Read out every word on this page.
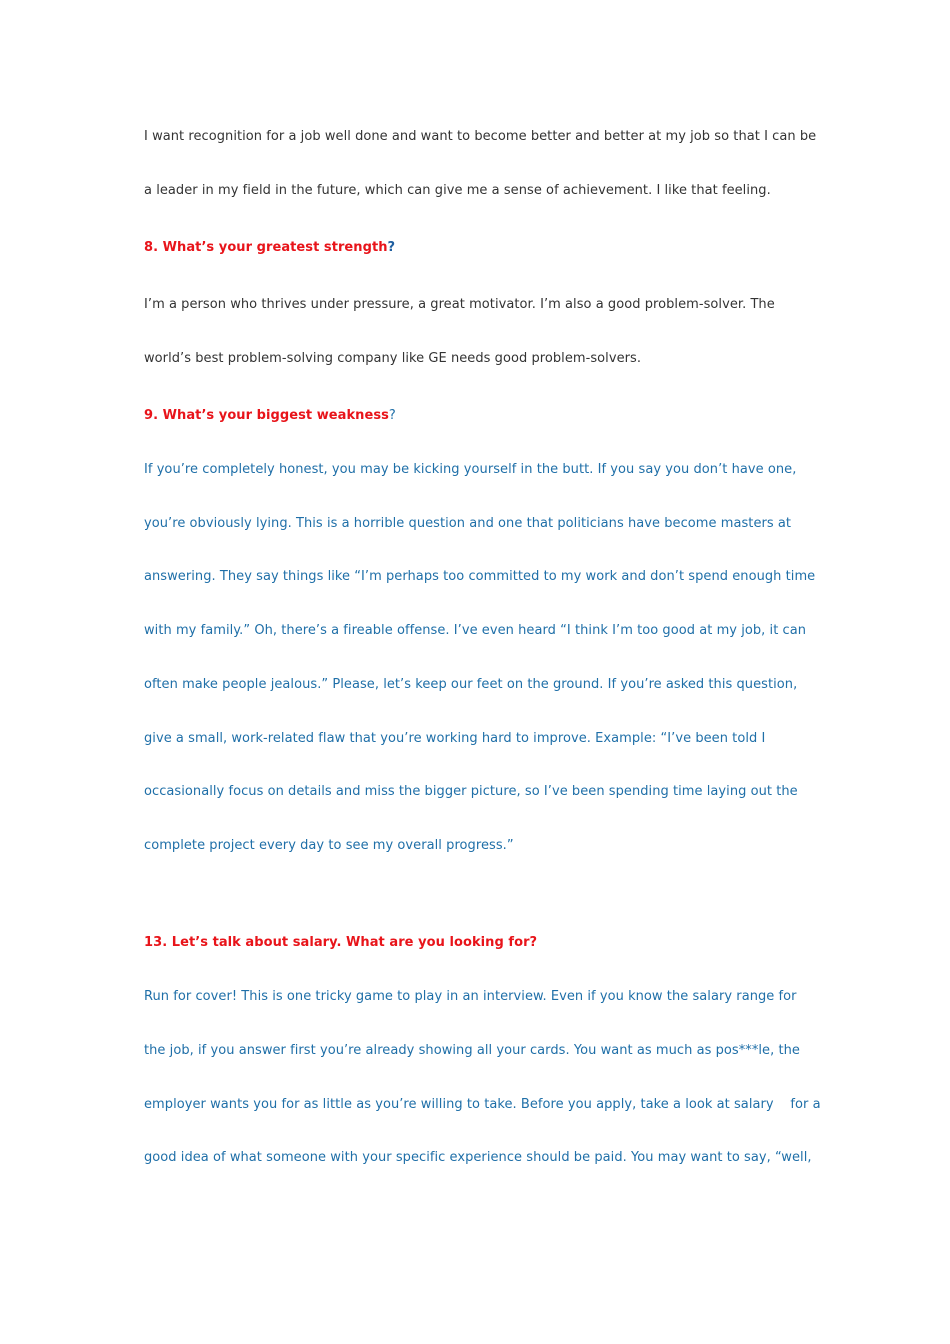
I want recognition for a job well done and want to become better and better at my job so that I can be
a leader in my field in the future, which can give me a sense of achievement. I like that feeling.
8. What’s your greatest strength?
I’m a person who thrives under pressure, a great motivator. I’m also a good problem-solver. The
world’s best problem-solving company like GE needs good problem-solvers.
9. What’s your biggest weakness?
If you’re completely honest, you may be kicking yourself in the butt. If you say you don’t have one,
you’re obviously lying. This is a horrible question and one that politicians have become masters at
answering. They say things like “I’m perhaps too committed to my work and don’t spend enough time
with my family.” Oh, there’s a fireable offense. I’ve even heard “I think I’m too good at my job, it can
often make people jealous.” Please, let’s keep our feet on the ground. If you’re asked this question,
give a small, work-related flaw that you’re working hard to improve. Example: “I’ve been told I
occasionally focus on details and miss the bigger picture, so I’ve been spending time laying out the
complete project every day to see my overall progress.”
13. Let’s talk about salary. What are you looking for?
Run for cover! This is one tricky game to play in an interview. Even if you know the salary range for
the job, if you answer first you’re already showing all your cards. You want as much as pos***le, the
employer wants you for as little as you’re willing to take. Before you apply, take a look at salary    for a
good idea of what someone with your specific experience should be paid. You may want to say, “well,
